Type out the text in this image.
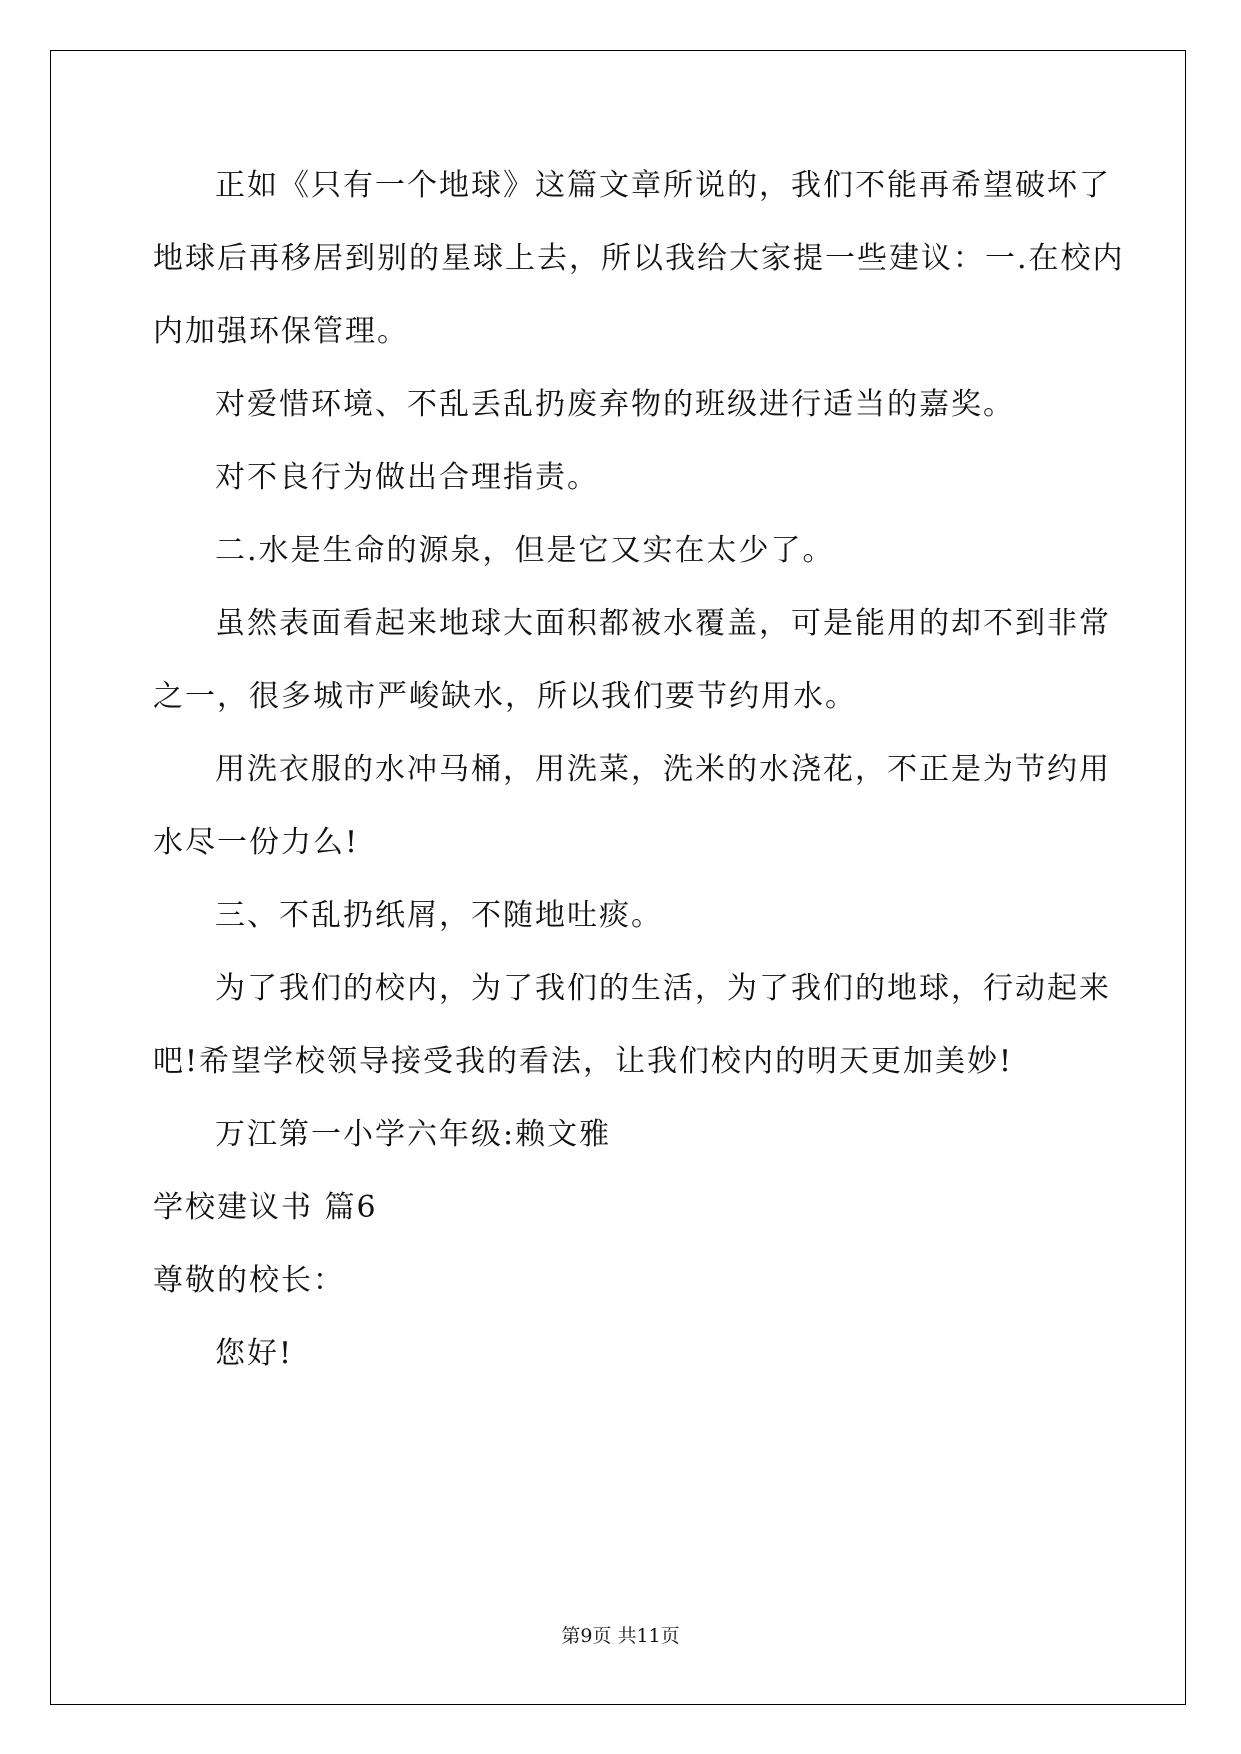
正如《只有一个地球》这篇文章所说的，我们不能再希望破坏了
地球后再移居到别的星球上去，所以我给大家提一些建议：一.在校内
内加强环保管理。
对爱惜环境、不乱丢乱扔废弃物的班级进行适当的嘉奖。
对不良行为做出合理指责。
二.水是生命的源泉，但是它又实在太少了。
虽然表面看起来地球大面积都被水覆盖，可是能用的却不到非常
之一，很多城市严峻缺水，所以我们要节约用水。
用洗衣服的水冲马桶，用洗菜，洗米的水浇花，不正是为节约用
水尽一份力么!
三、不乱扔纸屑，不随地吐痰。
为了我们的校内，为了我们的生活，为了我们的地球，行动起来
吧!希望学校领导接受我的看法，让我们校内的明天更加美妙!
万江第一小学六年级:赖文雅
学校建议书 篇6
尊敬的校长：
您好!
第9页 共11页
